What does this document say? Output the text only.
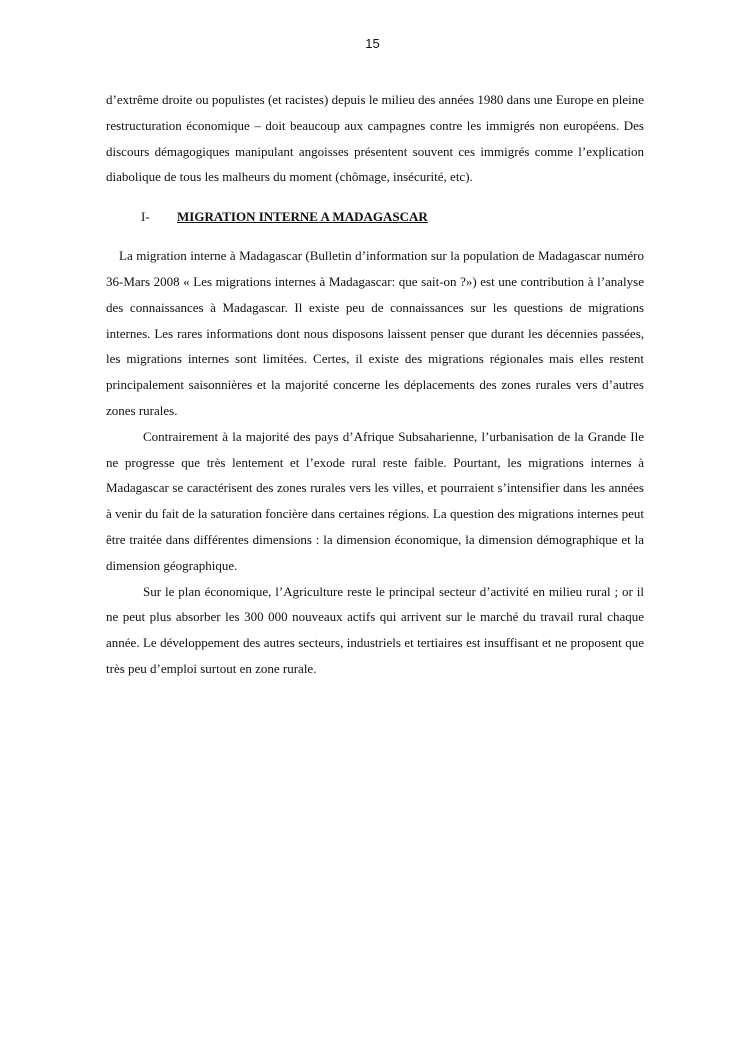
15

d’extrême droite ou populistes (et racistes) depuis le milieu des années 1980 dans une Europe en pleine restructuration économique – doit beaucoup aux campagnes contre les immigrés non européens. Des discours démagogiques manipulant angoisses présentent souvent ces immigrés comme l’explication diabolique de tous les malheurs du moment (chômage, insécurité, etc).

I- MIGRATION INTERNE A MADAGASCAR

La migration interne à Madagascar (Bulletin d’information sur la population de Madagascar numéro 36-Mars 2008 « Les migrations internes à Madagascar: que sait-on ?») est une contribution à l’analyse des connaissances à Madagascar. Il existe peu de connaissances sur les questions de migrations internes. Les rares informations dont nous disposons laissent penser que durant les décennies passées, les migrations internes sont limitées. Certes, il existe des migrations régionales mais elles restent principalement saisonnières et la majorité concerne les déplacements des zones rurales vers d’autres zones rurales.

Contrairement à la majorité des pays d’Afrique Subsaharienne, l’urbanisation de la Grande Ile ne progresse que très lentement et l’exode rural reste faible. Pourtant, les migrations internes à Madagascar se caractérisent des zones rurales vers les villes, et pourraient s’intensifier dans les années à venir du fait de la saturation foncière dans certaines régions. La question des migrations internes peut être traitée dans différentes dimensions : la dimension économique, la dimension démographique et la dimension géographique.

Sur le plan économique, l’Agriculture reste le principal secteur d’activité en milieu rural ; or il ne peut plus absorber les 300 000 nouveaux actifs qui arrivent sur le marché du travail rural chaque année. Le développement des autres secteurs, industriels et tertiaires est insuffisant et ne proposent que très peu d’emploi surtout en zone rurale.
